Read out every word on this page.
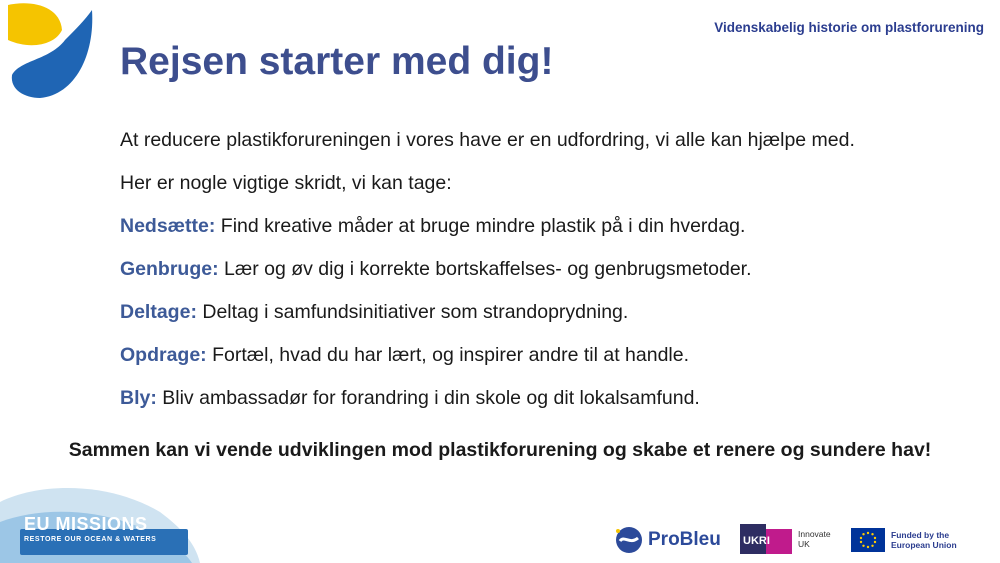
Videnskabelig historie om plastforurening
Rejsen starter med dig!

At reducere plastikforureningen i vores have er en udfordring, vi alle kan hjælpe med.

Her er nogle vigtige skridt, vi kan tage:

Nedsætte: Find kreative måder at bruge mindre plastik på i din hverdag.

Genbruge: Lær og øv dig i korrekte bortskaffelses- og genbrugsmetoder.

Deltage: Deltag i samfundsinitiativer som strandoprydning.

Opdrage: Fortæl, hvad du har lært, og inspirer andre til at handle.

Bly: Bliv ambassadør for forandring i din skole og dit lokalsamfund.

Sammen kan vi vende udviklingen mod plastikforurening og skabe et renere og sundere hav!

EU MISSIONS
RESTORE OUR OCEAN & WATERS	ProBleu UKRI
Innovate UK
Funded by the European Union
